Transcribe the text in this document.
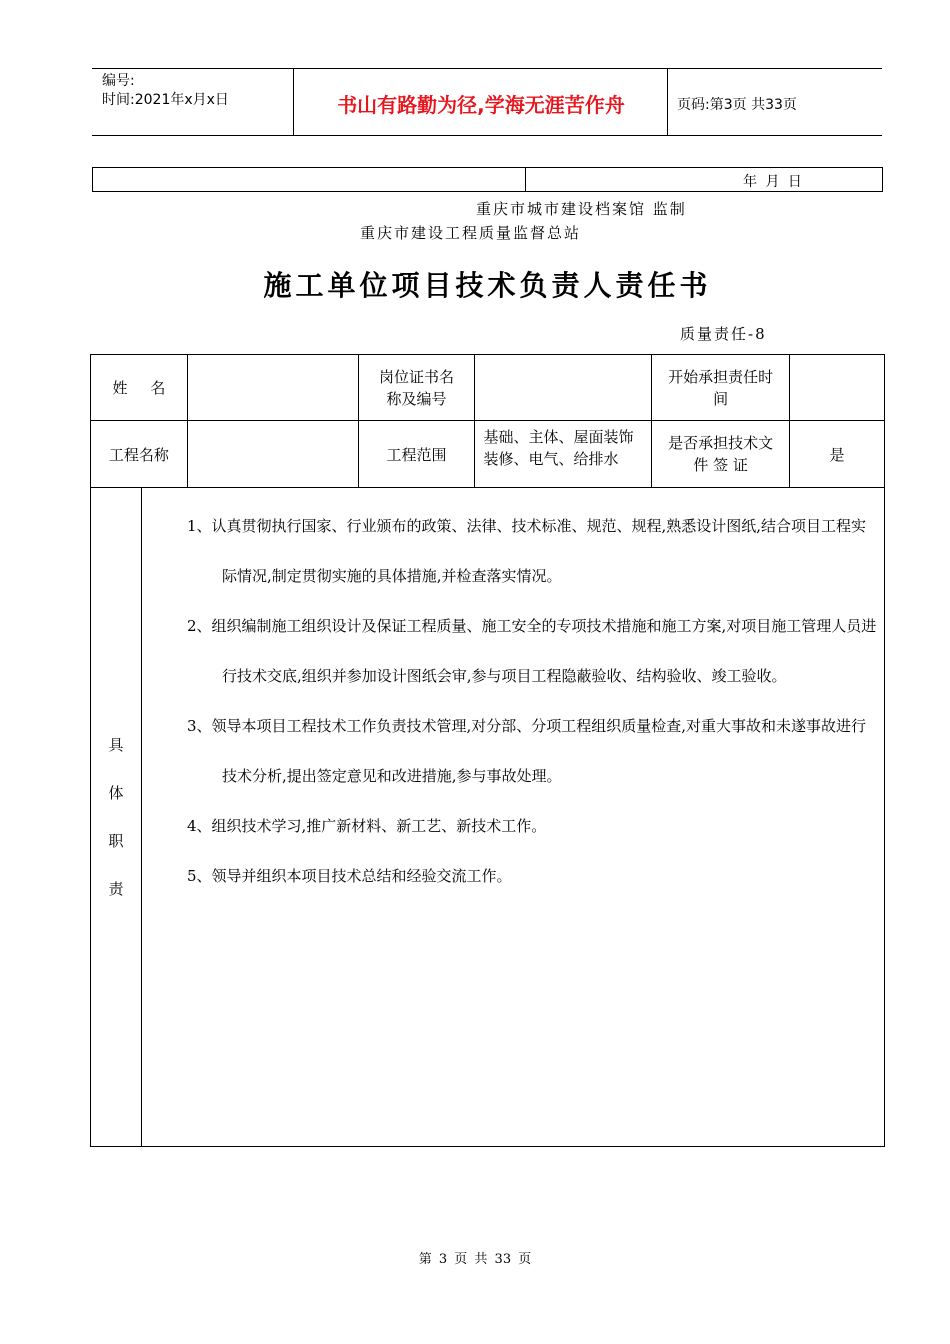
编号:
时间:2021年x月x日	书山有路勤为径,学海无涯苦作舟	页码:第3页 共33页
年 月 日
重庆市城市建设档案馆 监制
重庆市建设工程质量监督总站
施工单位项目技术负责人责任书
质量责任-8
姓 名			岗位证书名称及编号		开始承担责任时间	
工程名称			工程范围	基础、主体、屋面装饰装修、电气、给排水	是否承担技术文件 签 证	是

具体职责	1、认真贯彻执行国家、行业颁布的政策、法律、技术标准、规范、规程,熟悉设计图纸,结合项目工程实际情况,制定贯彻实施的具体措施,并检查落实情况。

2、组织编制施工组织设计及保证工程质量、施工安全的专项技术措施和施工方案,对项目施工管理人员进行技术交底,组织并参加设计图纸会审,参与项目工程隐蔽验收、结构验收、竣工验收。

3、领导本项目工程技术工作负责技术管理,对分部、分项工程组织质量检查,对重大事故和未遂事故进行技术分析,提出签定意见和改进措施,参与事故处理。

4、组织技术学习,推广新材料、新工艺、新技术工作。

5、领导并组织本项目技术总结和经验交流工作。					

第 3 页 共 33 页
